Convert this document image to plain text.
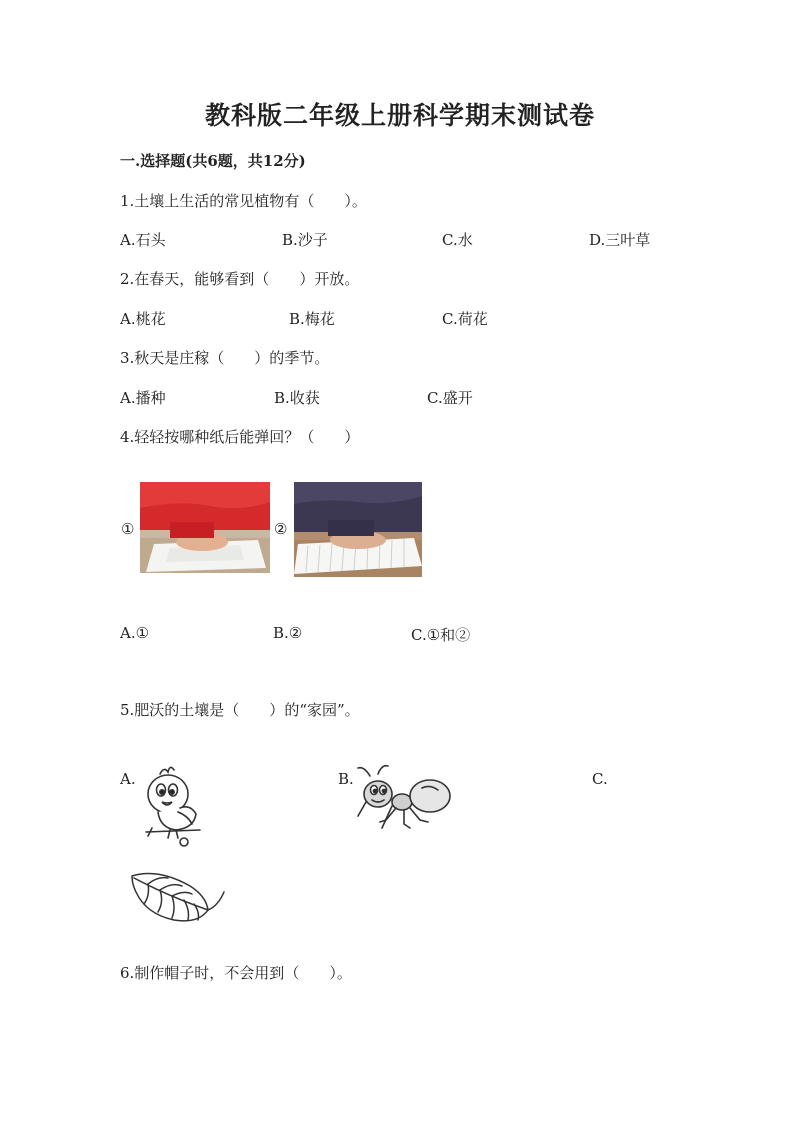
教科版二年级上册科学期末测试卷
一.选择题(共6题，共12分)
1.土壤上生活的常见植物有（　　）。
A.石头	B.沙子	C.水	D.三叶草
2.在春天，能够看到（　　）开放。
A.桃花	B.梅花	C.荷花
3.秋天是庄稼（　　）的季节。
A.播种	B.收获	C.盛开
4.轻轻按哪种纸后能弹回？（　　）
①	②
A.①	B.②	C.①和②
5.肥沃的土壤是（　　）的“家园”。
A.	B.	C.
6.制作帽子时，不会用到（　　）。
